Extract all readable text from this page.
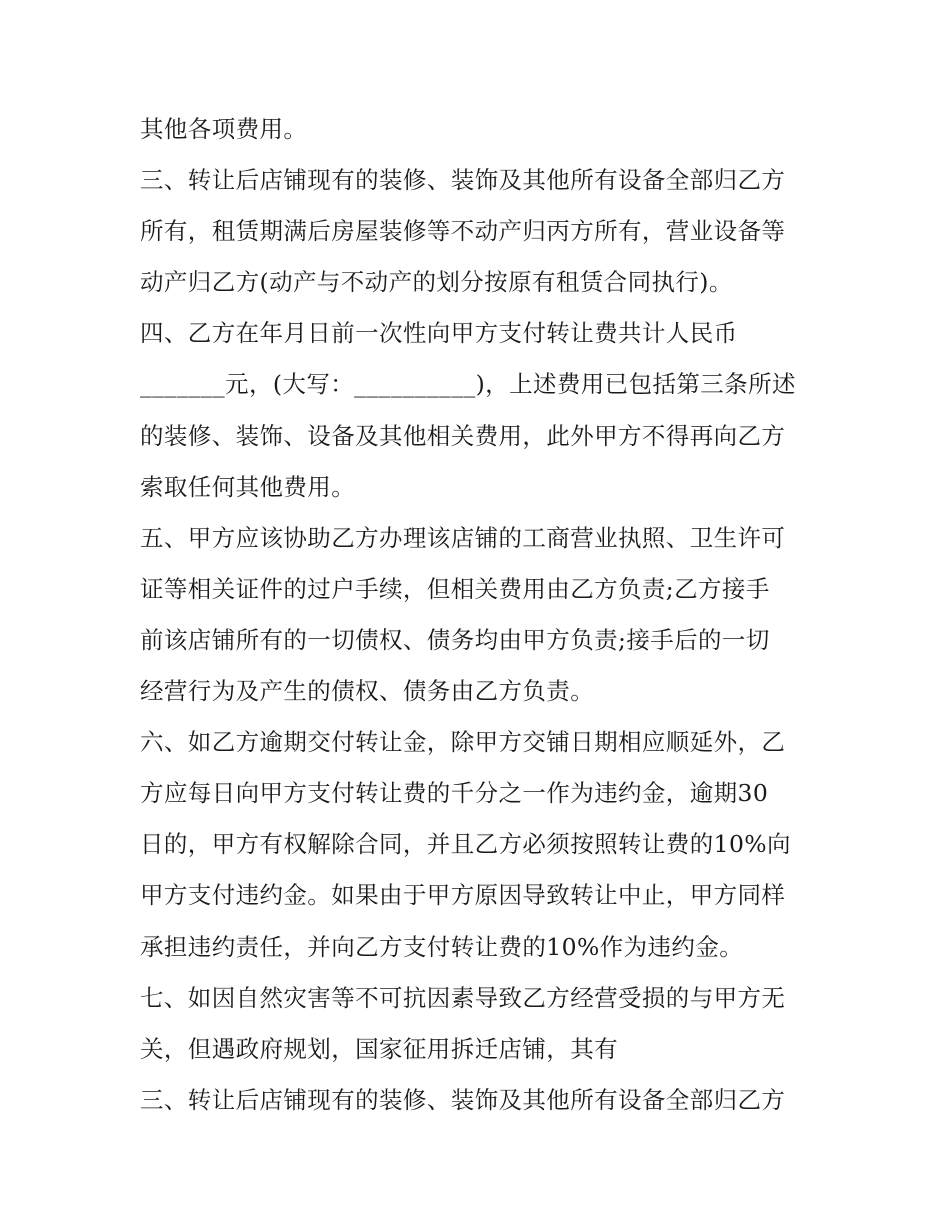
其他各项费用。
三、转让后店铺现有的装修、装饰及其他所有设备全部归乙方
所有，租赁期满后房屋装修等不动产归丙方所有，营业设备等
动产归乙方(动产与不动产的划分按原有租赁合同执行)。
四、乙方在年月日前一次性向甲方支付转让费共计人民币
_______元，(大写：__________)，上述费用已包括第三条所述
的装修、装饰、设备及其他相关费用，此外甲方不得再向乙方
索取任何其他费用。
五、甲方应该协助乙方办理该店铺的工商营业执照、卫生许可
证等相关证件的过户手续，但相关费用由乙方负责;乙方接手
前该店铺所有的一切债权、债务均由甲方负责;接手后的一切
经营行为及产生的债权、债务由乙方负责。
六、如乙方逾期交付转让金，除甲方交铺日期相应顺延外，乙
方应每日向甲方支付转让费的千分之一作为违约金，逾期30
日的，甲方有权解除合同，并且乙方必须按照转让费的10%向
甲方支付违约金。如果由于甲方原因导致转让中止，甲方同样
承担违约责任，并向乙方支付转让费的10%作为违约金。
七、如因自然灾害等不可抗因素导致乙方经营受损的与甲方无
关，但遇政府规划，国家征用拆迁店铺，其有
三、转让后店铺现有的装修、装饰及其他所有设备全部归乙方
